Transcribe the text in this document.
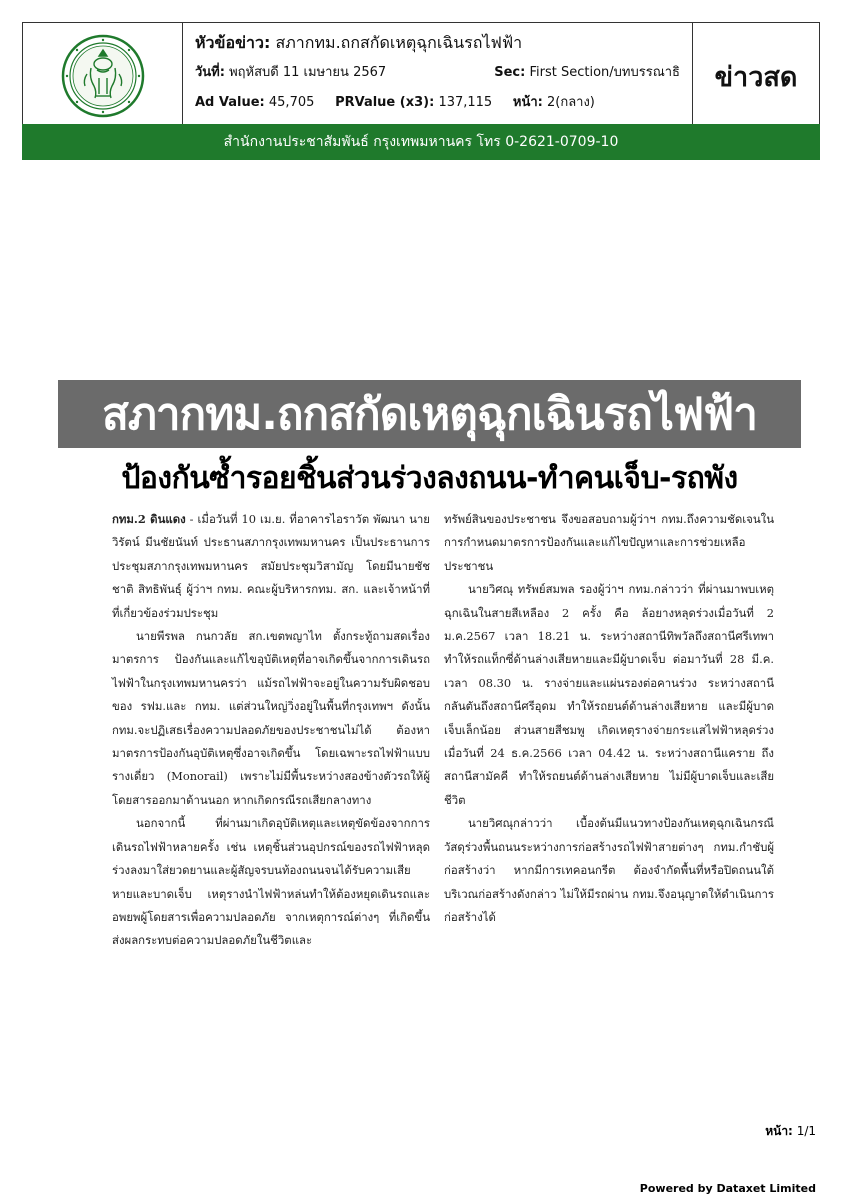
หัวข้อข่าว: สภากทม.ถกสกัดเหตุฉุกเฉินรถไฟฟ้า
วันที่: พฤหัสบดี 11 เมษายน 2567	Sec: First Section/บทบรรณาธิ
Ad Value: 45,705 PRValue (x3): 137,115 หน้า: 2(กลาง)
ข่าวสด
สำนักงานประชาสัมพันธ์ กรุงเทพมหานคร โทร 0-2621-0709-10
สภากทม.ถกสกัดเหตุฉุกเฉินรถไฟฟ้า
ป้องกันซ้ำรอยชิ้นส่วนร่วงลงถนน-ทำคนเจ็บ-รถพัง

กทม.2 ดินแดง - เมื่อวันที่ 10 เม.ย. ที่อาคารไอราวัต พัฒนา นายวิรัตน์ มีนชัยนันท์ ประธานสภากรุงเทพมหานคร เป็นประธานการประชุมสภากรุงเทพมหานคร สมัยประชุมวิสามัญ โดยมีนายชัชชาติ สิทธิพันธุ์ ผู้ว่าฯ กทม. คณะผู้บริหารกทม. สก. และเจ้าหน้าที่ที่เกี่ยวข้องร่วมประชุม

นายพีรพล กนกวลัย สก.เขตพญาไท ตั้งกระทู้ถามสดเรื่องมาตรการ ป้องกันและแก้ไขอุบัติเหตุที่อาจเกิดขึ้นจากการเดินรถไฟฟ้าในกรุงเทพมหานครว่า แม้รถไฟฟ้าจะอยู่ในความรับผิดชอบของ รฟม.และ กทม. แต่ส่วนใหญ่วิ่งอยู่ในพื้นที่กรุงเทพฯ ดังนั้น กทม.จะปฏิเสธเรื่องความปลอดภัยของประชาชนไม่ได้ ต้องหามาตรการป้องกันอุบัติเหตุซึ่งอาจเกิดขึ้น โดยเฉพาะรถไฟฟ้าแบบรางเดี่ยว (Monorail) เพราะไม่มีพื้นระหว่างสองข้างตัวรถให้ผู้โดยสารออกมาด้านนอก หากเกิดกรณีรถเสียกลางทาง

นอกจากนี้ ที่ผ่านมาเกิดอุบัติเหตุและเหตุขัดข้องจากการเดินรถไฟฟ้าหลายครั้ง เช่น เหตุชิ้นส่วนอุปกรณ์ของรถไฟฟ้าหลุดร่วงลงมาใส่ยวดยานและผู้สัญจรบนท้องถนนจนได้รับความเสียหายและบาดเจ็บ เหตุรางนำไฟฟ้าหล่นทำให้ต้องหยุดเดินรถและอพยพผู้โดยสารเพื่อความปลอดภัย จากเหตุการณ์ต่างๆ ที่เกิดขึ้น ส่งผลกระทบต่อความปลอดภัยในชีวิตและ

ทรัพย์สินของประชาชน จึงขอสอบถามผู้ว่าฯ กทม.ถึงความชัดเจนในการกำหนดมาตรการป้องกันและแก้ไขปัญหาและการช่วยเหลือประชาชน

นายวิศณุ ทรัพย์สมพล รองผู้ว่าฯ กทม.กล่าวว่า ที่ผ่านมาพบเหตุฉุกเฉินในสายสีเหลือง 2 ครั้ง คือ ล้อยางหลุดร่วงเมื่อวันที่ 2 ม.ค.2567 เวลา 18.21 น. ระหว่างสถานีทิพวัลถึงสถานีศรีเทพา ทำให้รถแท็กซี่ด้านล่างเสียหายและมีผู้บาดเจ็บ ต่อมาวันที่ 28 มี.ค. เวลา 08.30 น. รางจ่ายและแผ่นรองต่อคานร่วง ระหว่างสถานีกลันตันถึงสถานีศรีอุดม ทำให้รถยนต์ด้านล่างเสียหาย และมีผู้บาดเจ็บเล็กน้อย ส่วนสายสีชมพู เกิดเหตุรางจ่ายกระแสไฟฟ้าหลุดร่วง เมื่อวันที่ 24 ธ.ค.2566 เวลา 04.42 น. ระหว่างสถานีแคราย ถึงสถานีสามัคคี ทำให้รถยนต์ด้านล่างเสียหาย ไม่มีผู้บาดเจ็บและเสียชีวิต

นายวิศณุกล่าวว่า เบื้องต้นมีแนวทางป้องกันเหตุฉุกเฉินกรณีวัสดุร่วงพื้นถนนระหว่างการก่อสร้างรถไฟฟ้าสายต่างๆ กทม.กำชับผู้ก่อสร้างว่า หากมีการเทคอนกรีต ต้องจำกัดพื้นที่หรือปิดถนนใต้บริเวณก่อสร้างดังกล่าว ไม่ให้มีรถผ่าน กทม.จึงอนุญาตให้ดำเนินการก่อสร้างได้

หน้า: 1/1
Powered by Dataxet Limited
